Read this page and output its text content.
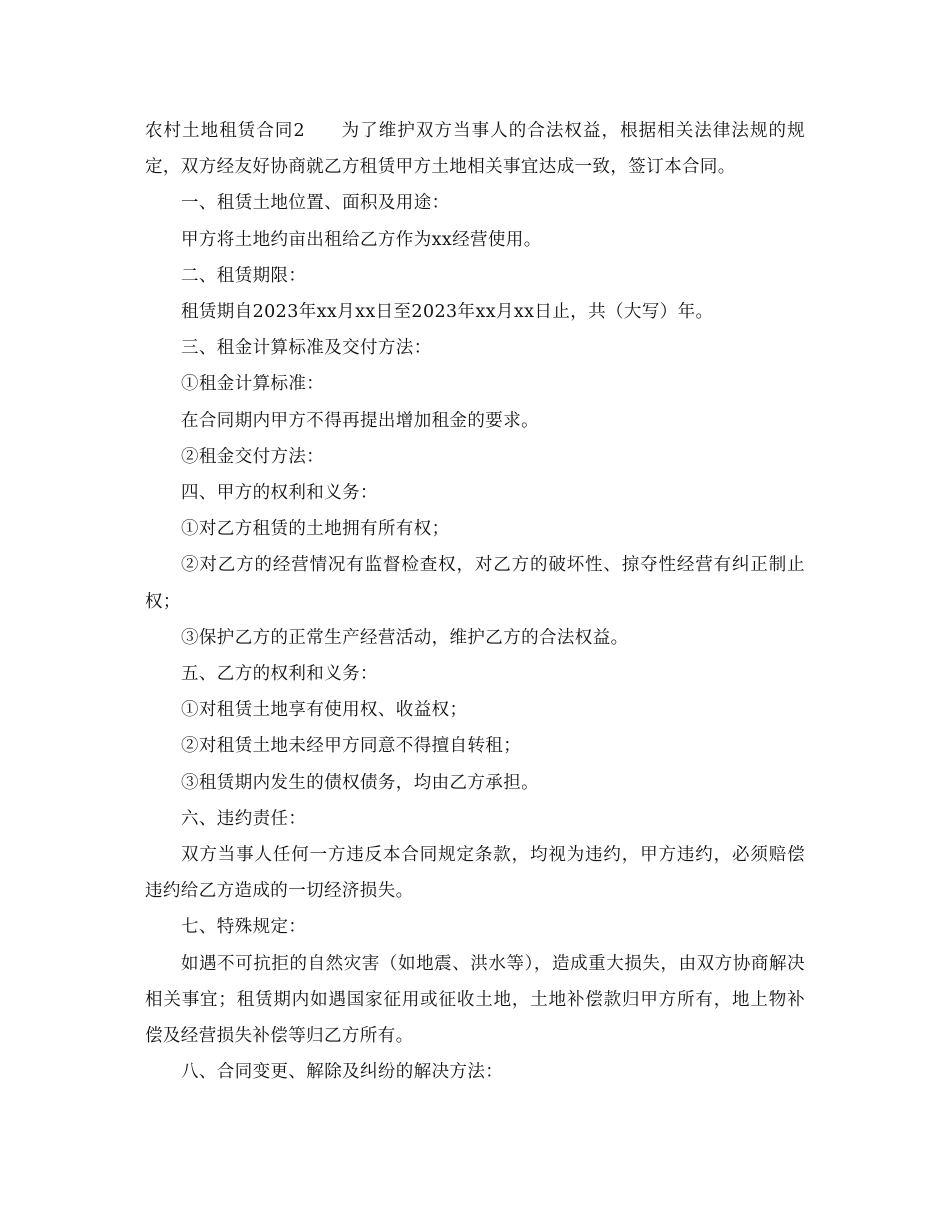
农村土地租赁合同2 为了维护双方当事人的合法权益，根据相关法律法规的规定，双方经友好协商就乙方租赁甲方土地相关事宜达成一致，签订本合同。

一、租赁土地位置、面积及用途：

甲方将土地约亩出租给乙方作为xx经营使用。

二、租赁期限：

租赁期自2023年xx月xx日至2023年xx月xx日止，共（大写）年。

三、租金计算标准及交付方法：

①租金计算标准：

在合同期内甲方不得再提出增加租金的要求。

②租金交付方法：

四、甲方的权利和义务：

①对乙方租赁的土地拥有所有权；

②对乙方的经营情况有监督检查权，对乙方的破坏性、掠夺性经营有纠正制止权；

③保护乙方的正常生产经营活动，维护乙方的合法权益。

五、乙方的权利和义务：

①对租赁土地享有使用权、收益权；

②对租赁土地未经甲方同意不得擅自转租；

③租赁期内发生的债权债务，均由乙方承担。

六、违约责任：

双方当事人任何一方违反本合同规定条款，均视为违约，甲方违约，必须赔偿违约给乙方造成的一切经济损失。

七、特殊规定：

如遇不可抗拒的自然灾害（如地震、洪水等），造成重大损失，由双方协商解决相关事宜；租赁期内如遇国家征用或征收土地，土地补偿款归甲方所有，地上物补偿及经营损失补偿等归乙方所有。

八、合同变更、解除及纠纷的解决方法：
